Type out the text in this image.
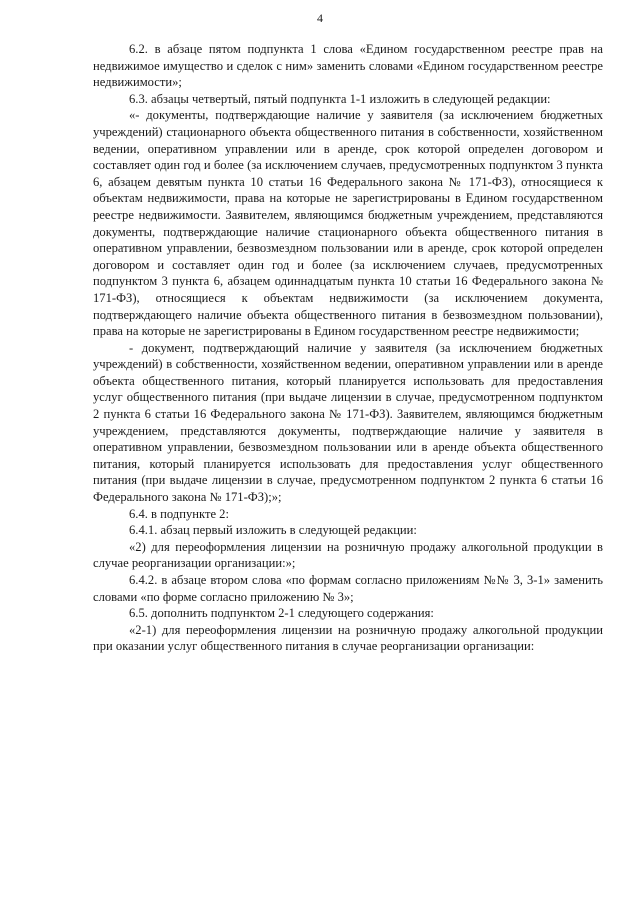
4

6.2. в абзаце пятом подпункта 1 слова «Едином государственном реестре прав на недвижимое имущество и сделок с ним» заменить словами «Едином государственном реестре недвижимости»;

6.3. абзацы четвертый, пятый подпункта 1-1 изложить в следующей редакции:

«- документы, подтверждающие наличие у заявителя (за исключением бюджетных учреждений) стационарного объекта общественного питания в собственности, хозяйственном ведении, оперативном управлении или в аренде, срок которой определен договором и составляет один год и более (за исключением случаев, предусмотренных подпунктом 3 пункта 6, абзацем девятым пункта 10 статьи 16 Федерального закона № 171-ФЗ), относящиеся к объектам недвижимости, права на которые не зарегистрированы в Едином государственном реестре недвижимости. Заявителем, являющимся бюджетным учреждением, представляются документы, подтверждающие наличие стационарного объекта общественного питания в оперативном управлении, безвозмездном пользовании или в аренде, срок которой определен договором и составляет один год и более (за исключением случаев, предусмотренных подпунктом 3 пункта 6, абзацем одиннадцатым пункта 10 статьи 16 Федерального закона № 171-ФЗ), относящиеся к объектам недвижимости (за исключением документа, подтверждающего наличие объекта общественного питания в безвозмездном пользовании), права на которые не зарегистрированы в Едином государственном реестре недвижимости;

- документ, подтверждающий наличие у заявителя (за исключением бюджетных учреждений) в собственности, хозяйственном ведении, оперативном управлении или в аренде объекта общественного питания, который планируется использовать для предоставления услуг общественного питания (при выдаче лицензии в случае, предусмотренном подпунктом 2 пункта 6 статьи 16 Федерального закона № 171-ФЗ). Заявителем, являющимся бюджетным учреждением, представляются документы, подтверждающие наличие у заявителя в оперативном управлении, безвозмездном пользовании или в аренде объекта общественного питания, который планируется использовать для предоставления услуг общественного питания (при выдаче лицензии в случае, предусмотренном подпунктом 2 пункта 6 статьи 16 Федерального закона № 171-ФЗ);»;

6.4. в подпункте 2:

6.4.1. абзац первый изложить в следующей редакции:

«2) для переоформления лицензии на розничную продажу алкогольной продукции в случае реорганизации организации:»;

6.4.2. в абзаце втором слова «по формам согласно приложениям №№ 3, 3-1» заменить словами «по форме согласно приложению № 3»;

6.5. дополнить подпунктом 2-1 следующего содержания:

«2-1) для переоформления лицензии на розничную продажу алкогольной продукции при оказании услуг общественного питания в случае реорганизации организации:
